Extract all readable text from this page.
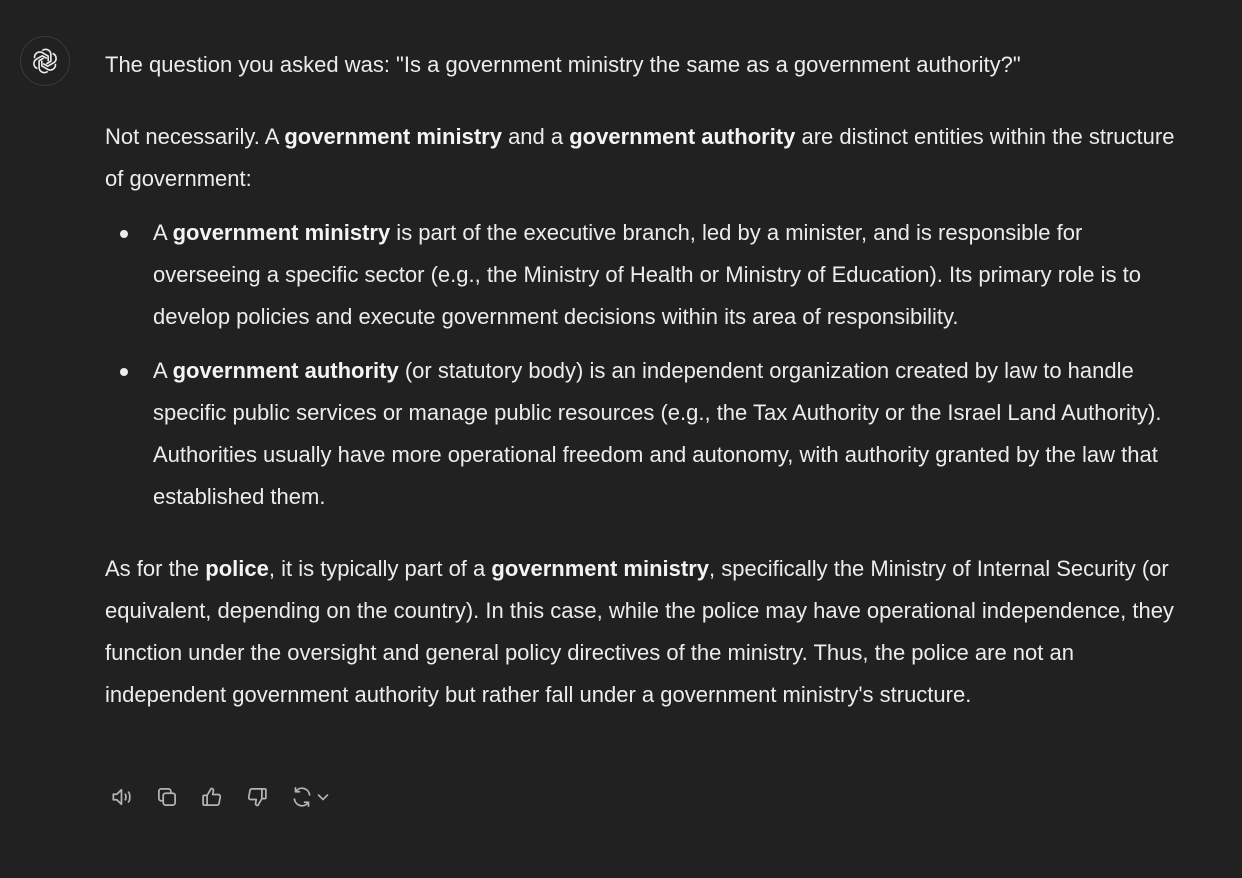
The question you asked was: "Is a government ministry the same as a government authority?"

Not necessarily. A government ministry and a government authority are distinct entities within the structure of government:

A government ministry is part of the executive branch, led by a minister, and is responsible for overseeing a specific sector (e.g., the Ministry of Health or Ministry of Education). Its primary role is to develop policies and execute government decisions within its area of responsibility.
A government authority (or statutory body) is an independent organization created by law to handle specific public services or manage public resources (e.g., the Tax Authority or the Israel Land Authority). Authorities usually have more operational freedom and autonomy, with authority granted by the law that established them.

As for the police, it is typically part of a government ministry, specifically the Ministry of Internal Security (or equivalent, depending on the country). In this case, while the police may have operational independence, they function under the oversight and general policy directives of the ministry. Thus, the police are not an independent government authority but rather fall under a government ministry's structure.
